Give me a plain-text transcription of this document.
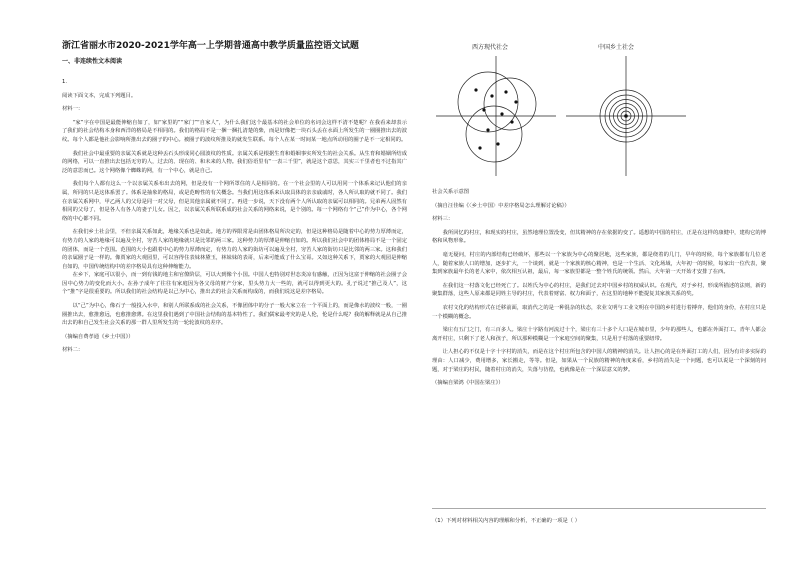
浙江省丽水市2020-2021学年高一上学期普通高中教学质量监控语文试题
一、非连续性文本阅读
1.
阅读下面文本，完成下列题目。
材料一：

“家”字在中国是最能伸缩自如了，如“家里的”“家门”“自家人”，为什么我们这个最基本的社会单位的名词会这样不清不楚呢？在我看来却表示了我们的社会结构本身和西洋的格局是不相同的。我们的格局不是一捆一捆扎清楚的柴，而是好像把一块石头丢在水面上所发生的一圈圈推出去的波纹。每个人都是他社会影响所推出去的圈子的中心。被圈子的波纹所推及的就发生联系。每个人在某一时间某一地点所动用的圈子是不一定相同的。

我们社会中最重要的亲属关系就是这种丢石头形成同心圆波纹的性质。亲属关系是根据生育和婚姻事实所发生的社会关系。从生育和婚姻所结成的网络，可以一直推出去包括无穷的人，过去的、现在的、和未来的人物。我们俗语里有“一表三千里”，就是这个意思，其实三千里者也不过指其广泛的意思而已。这个网络像个蜘蛛的网，有一个中心，就是自己。

我们每个人都有这么一个以亲属关系布出去的网，但是没有一个网所罩住的人是相同的。在一个社会里的人可以用同一个体系来记认他们的亲属，所同的只是这体系罢了。体系是抽象的格局，或是范畴性的有关概念。当我们用这体系来认取具体的亲亲戚戚时，各人所认取的就不同了。我们在亲属关系网中，甲乙两人的父母是同一对父母，但是其他亲属就不同了。再进一步说，天下没有两个人所认取的亲属可以相同的。兄弟两人固然有相同的父母了，但是各人有各人的妻子儿女。因之，以亲属关系所联系成的社会关系的网络来说，是个别的。每一个网络有个“己”作为中心，各个网络的中心都不同。

在我们乡土社会里，不但亲属关系如此，地缘关系也是如此。地方的界限常是由团体格局所决定的，但是这种格局是随着中心的势力厚薄而定，有势力的人家的地缘可以遍及全村，穷苦人家的地缘就只是比邻的两三家。这种势力的厚薄是伸缩自如的。所以我们社会中的团体格局不是一个固定的团体，而是一个范围。范围的大小也跟着中心的势力厚薄而定，有势力的人家的街坊可以遍及全村，穷苦人家的街坊只是比邻的两三家。这和我们的亲属圈子是一样的。像贾家的大观园里，可以容得住表妹林黛玉，林妹妹的表哥，后来可能成了什么宝哥。又如这种关系下，贾家的大观园是伸缩自如的，中国传统结构中的差序格局具有这种伸缩能力。

在乡下，家庭可以很小，而一到有钱的地主和官僚阶层，可以大到像个小国。中国人也特别对世态炎凉有感触，正因为这富于伸缩的社会圈子会因中心势力的变化而大小。在孙子成年了往往有家庭因为各父母的财产分家，里头势力大一些的，就可以得到更大的。孔子说过“推己及人”，这个“推”字是很重要的。所以我们的社会结构是以己为中心，推出去的社会关系而构成的，而我们说这是差序格局。

以“己”为中心，像石子一般投入水中，和别人所联系成的社会关系，不像团体中的分子一般大家立在一个平面上的，而是像水的波纹一般，一圈圈推出去，愈推愈远，也愈推愈薄。在这里我们遇到了中国社会结构的基本特性了。我们儒家最考究的是人伦，伦是什么呢？我的解释就是从自己推出去的和自己发生社会关系的那一群人里所发生的一轮轮波纹的差序。

（摘编自费孝通《乡土中国》）
材料二：
西方现代社会	中国乡土社会
社会关系示意图
（摘自汪佳编《〈乡土中国〉中差序格局怎么理解讨论稿》）
材料三：

我所回忆的村庄，和现实的村庄，虽然地理位置没变，但其精神的存在依据的变了。遥想的中国的村庄，正是在这样的康健中，建构它的博格和风物形象。

毫无疑问，村庄的内部结构已经破坏，那些以一个家族为中心的聚居地，这些家族，都是绕着的几门，早年的时候，每个家族都有几位老人，随着家族人口的增加，逐步扩大，一个谈到，就是一个家族的核心精神，也是一个生活、文化场域，大年初一的时候，每家出一位代表，聚集到家族最年长的老人家中，依次相互认祖，最后，每一家族里都是一整个姓氏的统领。然后，大年第一天开始才安排了在西。

在我们这一村落文化已经死亡了。以姓氏为中心的村庄，是我们过去对中国乡村的权威认识。在现代，对于乡村，形成所描述的法则，新的聚集群落，这些人原来都是同姓主导的村庄，代表着财富、权力和面子，在这里的地种不能提复其家族关系的奖。

农村文化的结构形式在迁移前面，取消代之的是一种混杂的状态，农业文明与工业文明在中国的乡村进行着搏弈，他们的身份，在村庄只是一个模糊的概念。

梁庄有五门之门，有三百多人。梁庄十字路有河流过十个，梁庄有三十多个人口是在城市里，少年的那些人，也都在外面打工。青年人都会离开村庄，只剩下了老人和孩子，所以那种模糊是一个家庭空间的聚集，只是用于村落的重要纽带。

让人担心的不仅是十字十字村的消失，而是在这个村庄所包含的中国人的精神的消失。让人担心的是在外面打工的人们，因为有许多实际的理由：人口减少，费用增多，家长搬走，等等。但是，如果从一个民族的精神的角度来看，乡村的消失是一个问题，也可以说是一个深刻的问题，对于梁庄的村民，随着村庄的消失，失落与彷徨，也就像是在一个深层意义的梦。

（摘编自梁鸿《中国在梁庄》）
（1）下列对材料相关内容的理解和分析，不正确的一项是（ ）
